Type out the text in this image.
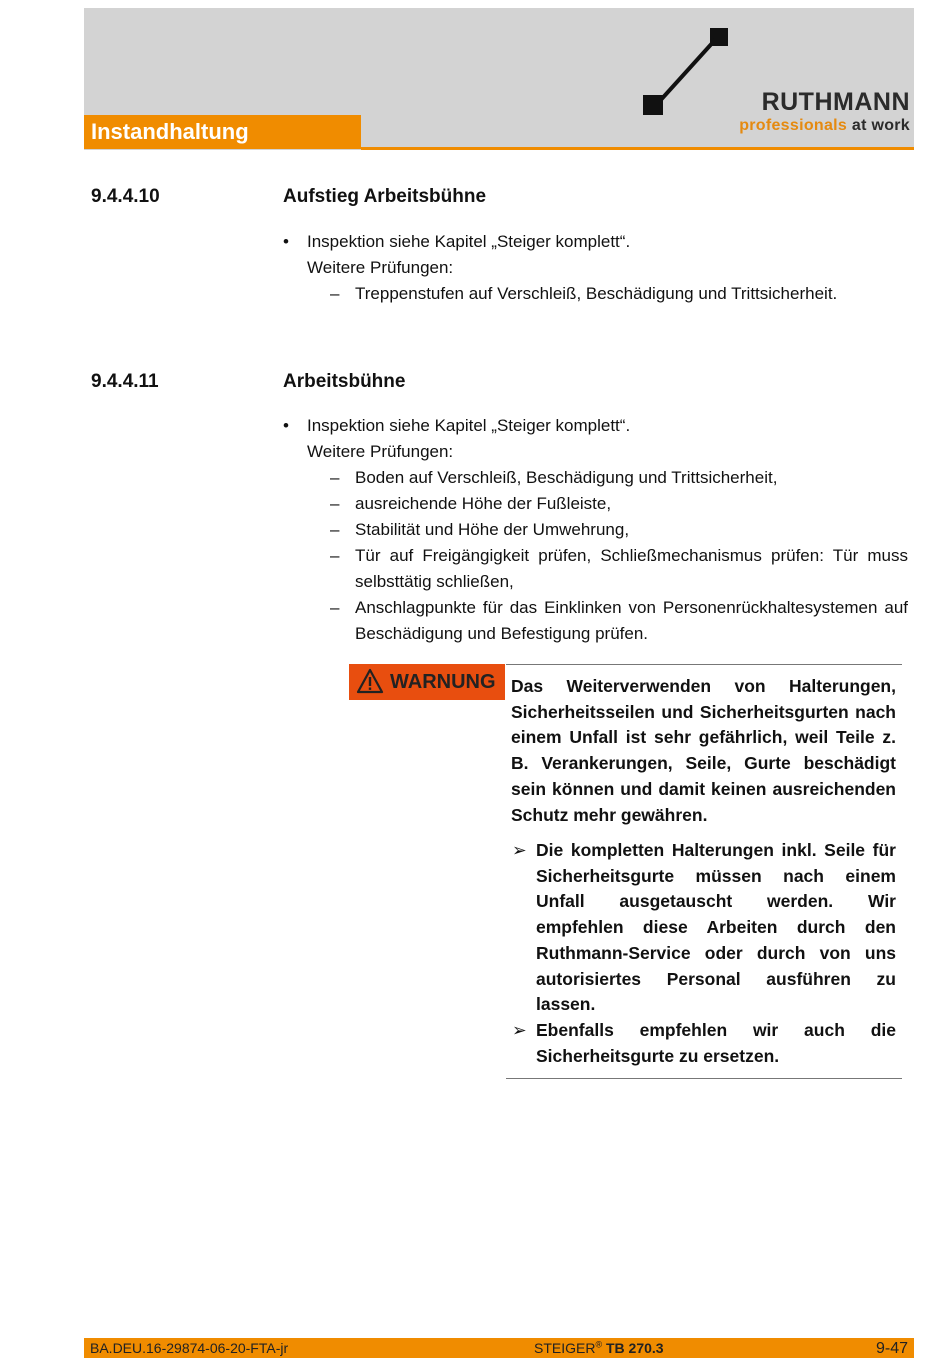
Instandhaltung
RUTHMANN
professionals at work
9.4.4.10	Aufstieg Arbeitsbühne
• Inspektion siehe Kapitel „Steiger komplett“.
Weitere Prüfungen:
– Treppenstufen auf Verschleiß, Beschädigung und Trittsicherheit.
9.4.4.11	Arbeitsbühne
• Inspektion siehe Kapitel „Steiger komplett“.
Weitere Prüfungen:
– Boden auf Verschleiß, Beschädigung und Trittsicherheit,
– ausreichende Höhe der Fußleiste,
– Stabilität und Höhe der Umwehrung,
– Tür auf Freigängigkeit prüfen, Schließmechanismus prüfen: Tür muss selbsttätig schließen,
– Anschlagpunkte für das Einklinken von Personenrückhaltesystemen auf Beschädigung und Befestigung prüfen.
WARNUNG Das Weiterverwenden von Halterungen, Sicherheitsseilen und Sicherheitsgurten nach einem Unfall ist sehr gefährlich, weil Teile z. B. Verankerungen, Seile, Gurte beschädigt sein können und damit keinen ausreichenden Schutz mehr gewähren.
➢ Die kompletten Halterungen inkl. Seile für Sicherheitsgurte müssen nach einem Unfall ausgetauscht werden. Wir empfehlen diese Arbeiten durch den Ruthmann-Service oder durch von uns autorisiertes Personal ausführen zu lassen.
➢ Ebenfalls empfehlen wir auch die Sicherheitsgurte zu ersetzen.
BA.DEU.16-29874-06-20-FTA-jr	STEIGER® TB 270.3	9-47
